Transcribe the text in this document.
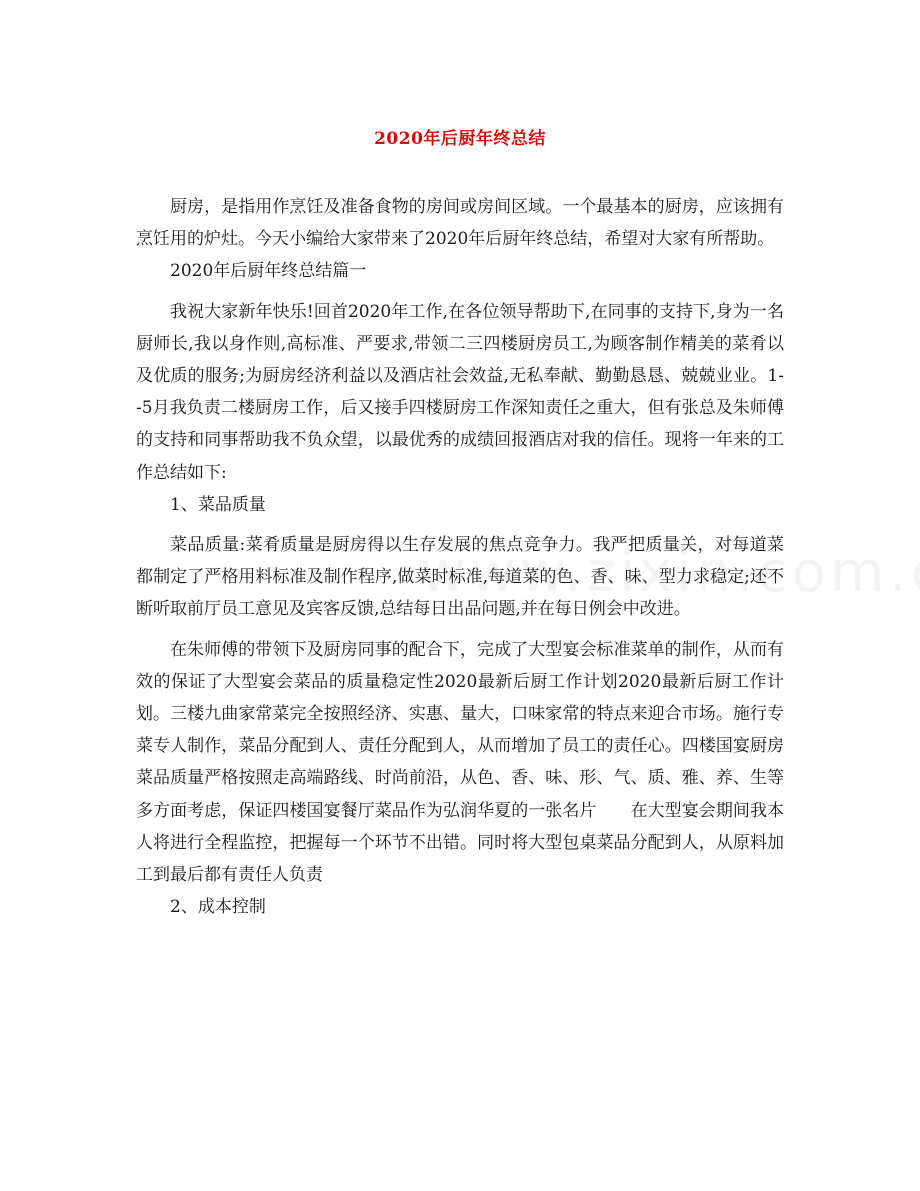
2020年后厨年终总结

厨房，是指用作烹饪及准备食物的房间或房间区域。一个最基本的厨房，应该拥有烹饪用的炉灶。今天小编给大家带来了2020年后厨年终总结，希望对大家有所帮助。

2020年后厨年终总结篇一

我祝大家新年快乐!回首2020年工作,在各位领导帮助下,在同事的支持下,身为一名厨师长,我以身作则,高标准、严要求,带领二三四楼厨房员工,为顾客制作精美的菜肴以及优质的服务;为厨房经济利益以及酒店社会效益,无私奉献、勤勤恳恳、兢兢业业。1--5月我负责二楼厨房工作，后又接手四楼厨房工作深知责任之重大，但有张总及朱师傅的支持和同事帮助我不负众望，以最优秀的成绩回报酒店对我的信任。现将一年来的工作总结如下:

1、菜品质量

菜品质量:菜肴质量是厨房得以生存发展的焦点竞争力。我严把质量关，对每道菜都制定了严格用料标准及制作程序,做菜时标准,每道菜的色、香、味、型力求稳定;还不断听取前厅员工意见及宾客反馈,总结每日出品问题,并在每日例会中改进。

在朱师傅的带领下及厨房同事的配合下，完成了大型宴会标准菜单的制作，从而有效的保证了大型宴会菜品的质量稳定性2020最新后厨工作计划2020最新后厨工作计划。三楼九曲家常菜完全按照经济、实惠、量大，口味家常的特点来迎合市场。施行专菜专人制作，菜品分配到人、责任分配到人，从而增加了员工的责任心。四楼国宴厨房菜品质量严格按照走高端路线、时尚前沿，从色、香、味、形、气、质、雅、养、生等多方面考虑，保证四楼国宴餐厅菜品作为弘润华夏的一张名片　　在大型宴会期间我本人将进行全程监控，把握每一个环节不出错。同时将大型包桌菜品分配到人，从原料加工到最后都有责任人负责

2、成本控制
